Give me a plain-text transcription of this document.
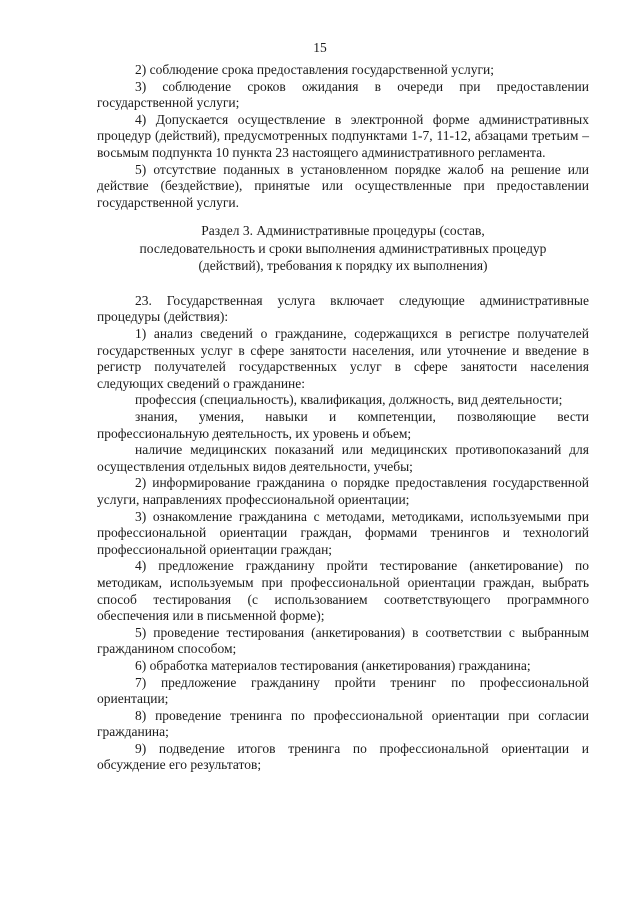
15

2) соблюдение срока предоставления государственной услуги;

3) соблюдение сроков ожидания в очереди при предоставлении государственной услуги;

4) Допускается осуществление в электронной форме административных процедур (действий), предусмотренных подпунктами 1-7, 11-12, абзацами третьим – восьмым подпункта 10 пункта 23 настоящего административного регламента.

5) отсутствие поданных в установленном порядке жалоб на решение или действие (бездействие), принятые или осуществленные при предоставлении государственной услуги.

Раздел 3. Административные процедуры (состав,
последовательность и сроки выполнения административных процедур
(действий), требования к порядку их выполнения)

23. Государственная услуга включает следующие административные процедуры (действия):

1) анализ сведений о гражданине, содержащихся в регистре получателей государственных услуг в сфере занятости населения, или уточнение и введение в регистр получателей государственных услуг в сфере занятости населения следующих сведений о гражданине:

профессия (специальность), квалификация, должность, вид деятельности;

знания, умения, навыки и компетенции, позволяющие вести профессиональную деятельность, их уровень и объем;

наличие медицинских показаний или медицинских противопоказаний для осуществления отдельных видов деятельности, учебы;

2) информирование гражданина о порядке предоставления государственной услуги, направлениях профессиональной ориентации;

3) ознакомление гражданина с методами, методиками, используемыми при профессиональной ориентации граждан, формами тренингов и технологий профессиональной ориентации граждан;

4) предложение гражданину пройти тестирование (анкетирование) по методикам, используемым при профессиональной ориентации граждан, выбрать способ тестирования (с использованием соответствующего программного обеспечения или в письменной форме);

5) проведение тестирования (анкетирования) в соответствии с выбранным гражданином способом;

6) обработка материалов тестирования (анкетирования) гражданина;

7) предложение гражданину пройти тренинг по профессиональной ориентации;

8) проведение тренинга по профессиональной ориентации при согласии гражданина;

9) подведение итогов тренинга по профессиональной ориентации и обсуждение его результатов;
